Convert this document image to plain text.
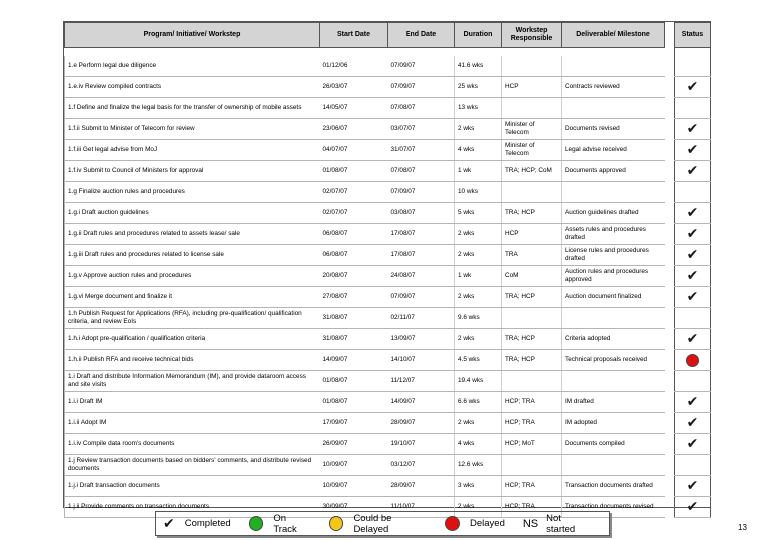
Program/ Initiative/ Workstep	Start Date	End Date	Duration	Workstep Responsible	Deliverable/ Milestone		Status

1.e Perform legal due diligence	01/12/06	07/09/07	41.6 wks				
1.e.iv Review compiled contracts	26/03/07	07/09/07	25 wks	HCP	Contracts reviewed		✔
1.f Define and finalize the legal basis for the transfer of ownership of mobile assets	14/05/07	07/08/07	13 wks				
1.f.ii Submit to Minister of Telecom for review	23/06/07	03/07/07	2 wks	Minister of Telecom	Documents revised		✔
1.f.iii Get legal advise from MoJ	04/07/07	31/07/07	4 wks	Minister of Telecom	Legal advise received		✔
1.f.iv Submit to Council of Ministers for approval	01/08/07	07/08/07	1 wk	TRA; HCP; CoM	Documents approved		✔
1.g Finalize auction rules and procedures	02/07/07	07/09/07	10 wks				
1.g.i Draft auction guidelines	02/07/07	03/08/07	5 wks	TRA; HCP	Auction guidelines drafted		✔
1.g.ii Draft rules and procedures related to assets lease/ sale	06/08/07	17/08/07	2 wks	HCP	Assets rules and procedures drafted		✔
1.g.iii Draft rules and procedures related to license sale	06/08/07	17/08/07	2 wks	TRA	License rules and procedures drafted		✔
1.g.v Approve auction rules and procedures	20/08/07	24/08/07	1 wk	CoM	Auction rules and procedures approved		✔
1.g.vi Merge document and finalize it	27/08/07	07/09/07	2 wks	TRA; HCP	Auction document finalized		✔
1.h Publish Request for Applications (RFA), including pre-qualification/ qualification criteria, and review EoIs	31/08/07	02/11/07	9.6 wks				
1.h.i Adopt pre-qualification / qualification criteria	31/08/07	13/09/07	2 wks	TRA; HCP	Criteria adopted		✔
1.h.ii Publish RFA and receive technical bids	14/09/07	14/10/07	4.5 wks	TRA; HCP	Technical proposals received		
1.i Draft and distribute Information Memorandum (IM), and provide dataroom access and site visits	01/08/07	11/12/07	19.4 wks				
1.i.i Draft IM	01/08/07	14/09/07	6.6 wks	HCP; TRA	IM drafted		✔
1.i.ii Adopt IM	17/09/07	28/09/07	2 wks	HCP; TRA	IM adopted		✔
1.i.iv Compile data room's documents	26/09/07	19/10/07	4 wks	HCP; MoT	Documents compiled		✔
1.j Review transaction documents based on bidders' comments, and distribute revised documents	10/09/07	03/12/07	12.6 wks				
1.j.i Draft transaction documents	10/09/07	28/09/07	3 wks	HCP; TRA	Transaction documents drafted		✔
1.j.ii Provide comments on transaction documents	30/09/07	11/10/07	2 wks	HCP; TRA	Transaction documents revised		✔
✔ Completed	On Track
Could be Delayed	Delayed NS Not started	13
